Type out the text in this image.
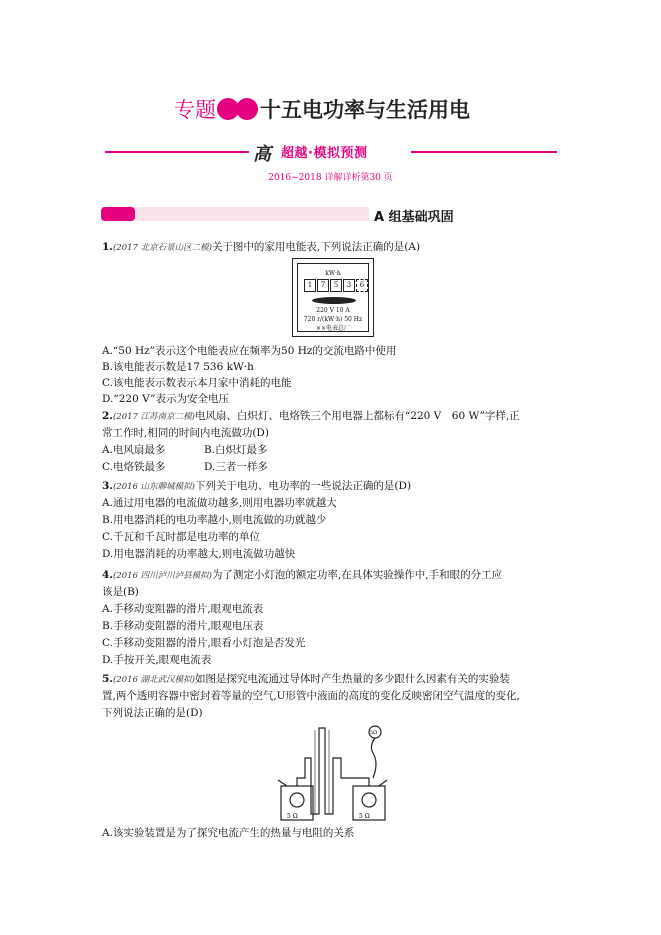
专题 十五电功率与生活用电
高 超越·模拟预测
2016~2018 详解详析第30 页
A 组基础巩固
1.(2017 北京石景山区二模)关于图中的家用电能表,下列说法正确的是(A)
kW·h
1	7	5	3	6
220 V 10 A
720 r/(kW·h) 50 Hz
××电表总厂
A.“50 Hz”表示这个电能表应在频率为50 Hz的交流电路中使用
B.该电能表示数是17 536 kW·h
C.该电能表示数表示本月家中消耗的电能
D.“220 V”表示为安全电压
2.(2017 江苏南京二模)电风扇、白炽灯、电烙铁三个用电器上都标有“220 V　60 W”字样,正
常工作时,相同的时间内电流做功(D)
A.电风扇最多	B.白炽灯最多
C.电烙铁最多	D.三者一样多
3.(2016 山东聊城模拟)下列关于电功、电功率的一些说法正确的是(D)
A.通过用电器的电流做功越多,则用电器功率就越大
B.用电器消耗的电功率越小,则电流做的功就越少
C.千瓦和千瓦时都是电功率的单位
D.用电器消耗的功率越大,则电流做功越快
4.(2016 四川泸川泸县模拟)为了测定小灯泡的额定功率,在具体实验操作中,手和眼的分工应
该是(B)
A.手移动变阻器的滑片,眼观电流表
B.手移动变阻器的滑片,眼观电压表
C.手移动变阻器的滑片,眼看小灯泡是否发光
D.手按开关,眼观电流表
5.(2016 湖北武汉模拟)如图是探究电流通过导体时产生热量的多少跟什么因素有关的实验装
置,两个透明容器中密封着等量的空气,U形管中液面的高度的变化反映密闭空气温度的变化,
下列说法正确的是(D)
5 Ω	5 Ω
5Ω
A.该实验装置是为了探究电流产生的热量与电阻的关系
